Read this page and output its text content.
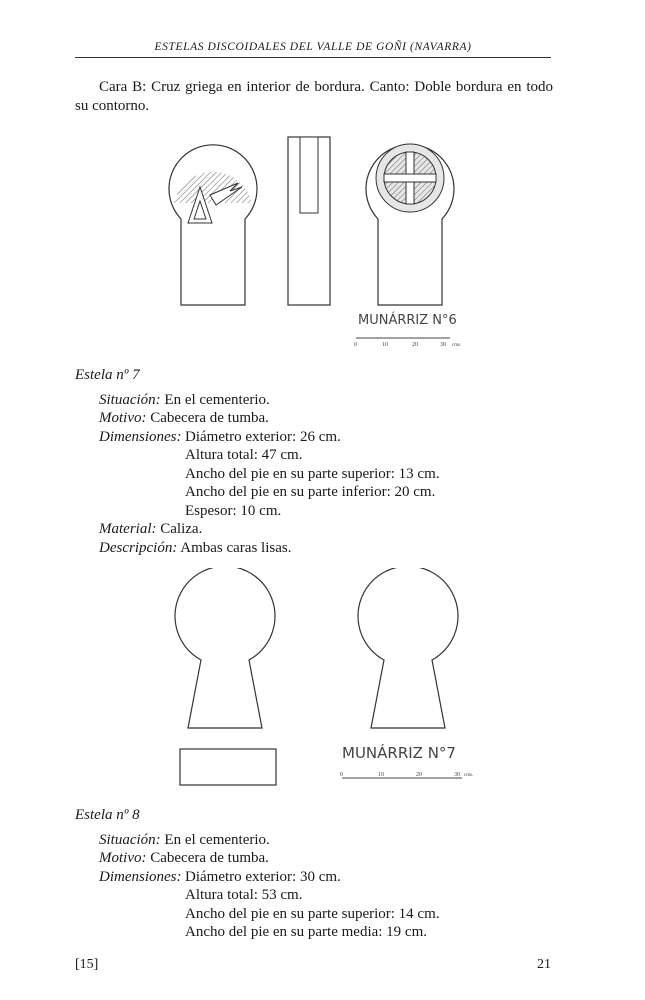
ESTELAS DISCOIDALES DEL VALLE DE GOÑI (NAVARRA)
Cara B: Cruz griega en interior de bordura. Canto: Doble bordura en todo su contorno.
MUNÁRRIZ N°6
0	10	20	30 cms.
Estela nº 7
Situación: En el cementerio.
Motivo: Cabecera de tumba.
Dimensiones: Diámetro exterior: 26 cm.
Altura total: 47 cm.
Ancho del pie en su parte superior: 13 cm.
Ancho del pie en su parte inferior: 20 cm.
Espesor: 10 cm.
Material: Caliza.
Descripción: Ambas caras lisas.
MUNÁRRIZ N°7
0	10	20	30 cms.
Estela nº 8
Situación: En el cementerio.
Motivo: Cabecera de tumba.
Dimensiones: Diámetro exterior: 30 cm.
Altura total: 53 cm.
Ancho del pie en su parte superior: 14 cm.
Ancho del pie en su parte media: 19 cm.
[15]	21
